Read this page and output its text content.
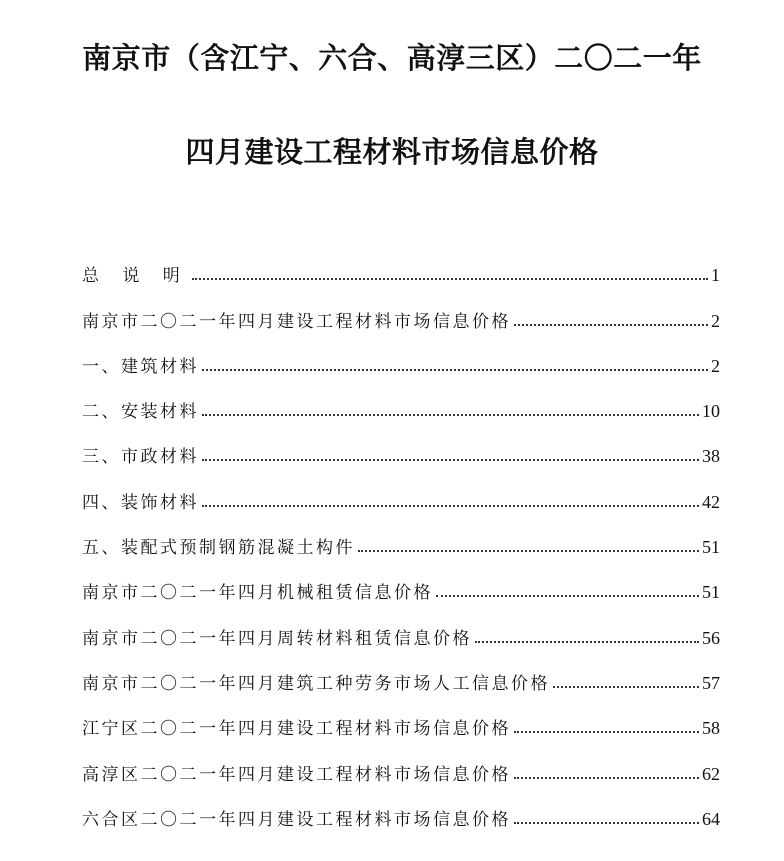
南京市（含江宁、六合、高淳三区）二〇二一年
四月建设工程材料市场信息价格
总 说 明	1
南京市二〇二一年四月建设工程材料市场信息价格	2
一、建筑材料	2
二、安装材料	10
三、市政材料	38
四、装饰材料	42
五、装配式预制钢筋混凝土构件	51
南京市二〇二一年四月机械租赁信息价格	51
南京市二〇二一年四月周转材料租赁信息价格	56
南京市二〇二一年四月建筑工种劳务市场人工信息价格	57
江宁区二〇二一年四月建设工程材料市场信息价格	58
高淳区二〇二一年四月建设工程材料市场信息价格	62
六合区二〇二一年四月建设工程材料市场信息价格	64
